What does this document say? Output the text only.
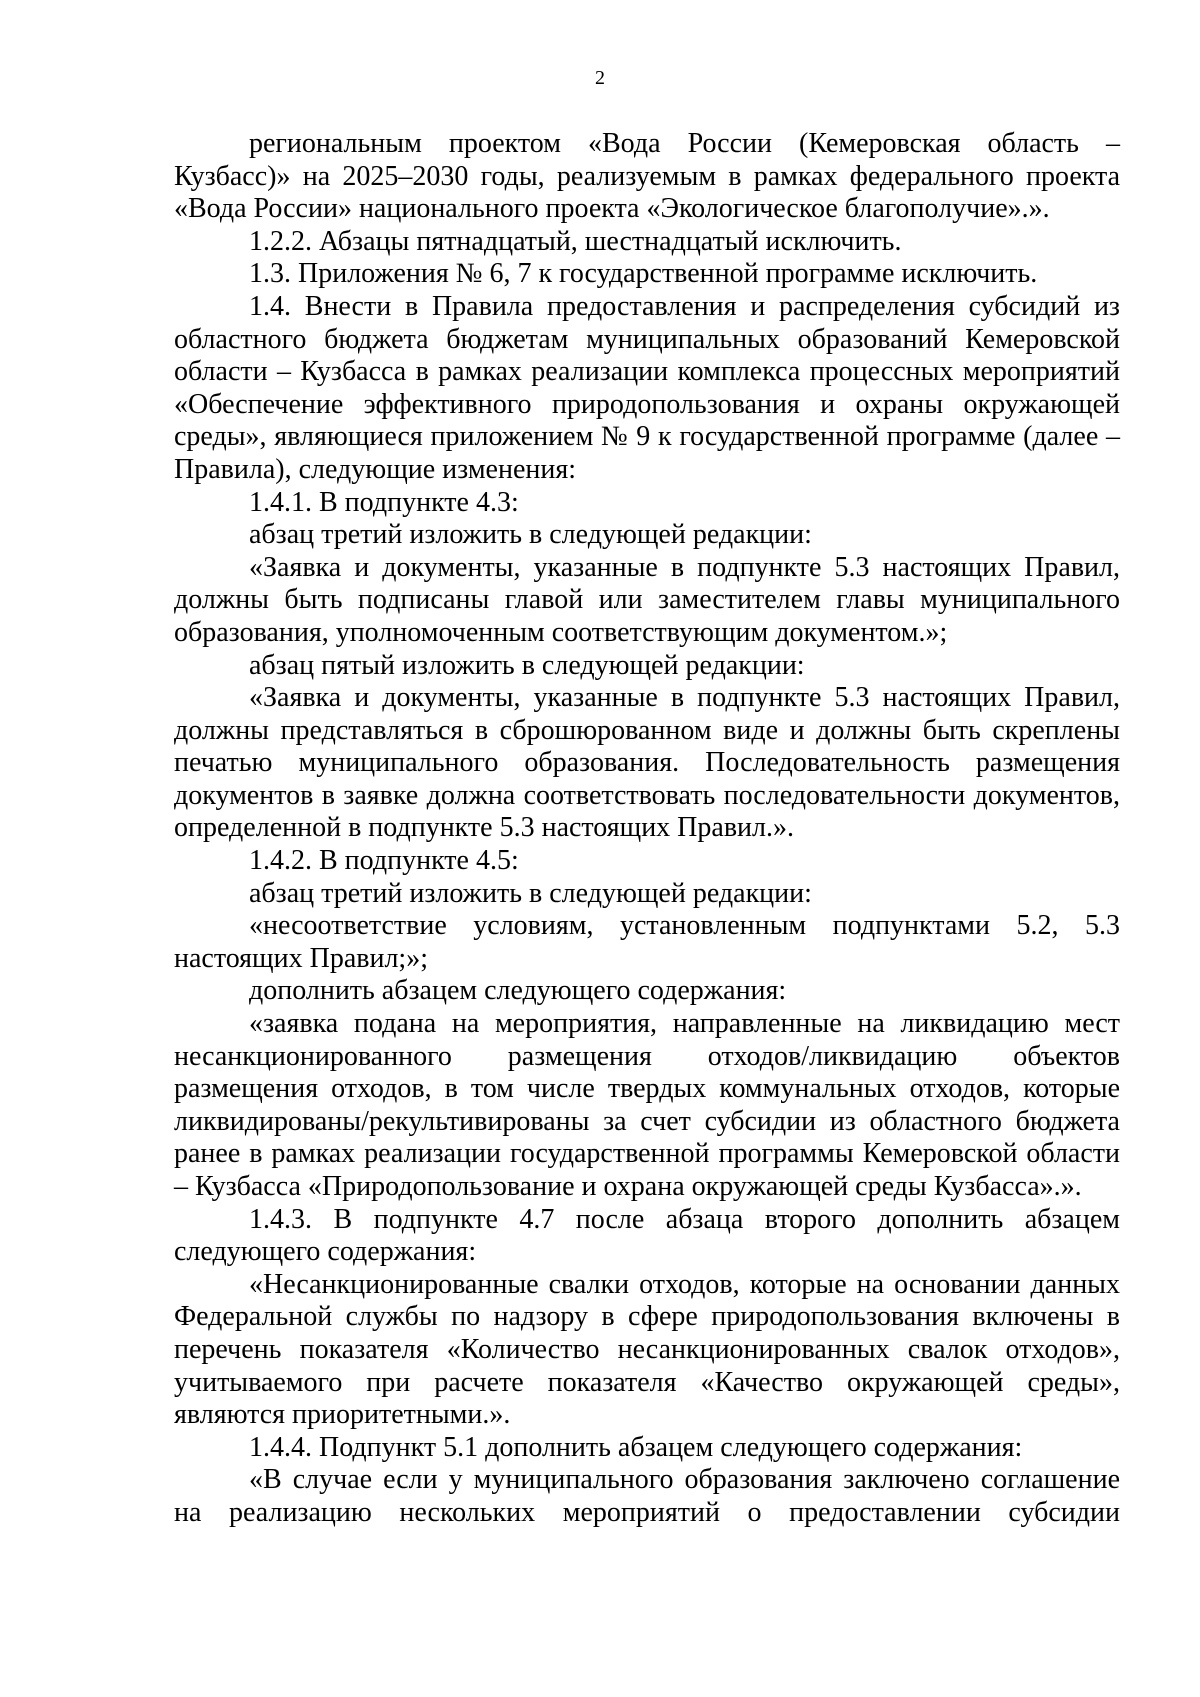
2

региональным проектом «Вода России (Кемеровская область – Кузбасс)» на 2025–2030 годы, реализуемым в рамках федерального проекта «Вода России» национального проекта «Экологическое благополучие».».

1.2.2. Абзацы пятнадцатый, шестнадцатый исключить.

1.3. Приложения № 6, 7 к государственной программе исключить.

1.4. Внести в Правила предоставления и распределения субсидий из областного бюджета бюджетам муниципальных образований Кемеровской области – Кузбасса в рамках реализации комплекса процессных мероприятий «Обеспечение эффективного природопользования и охраны окружающей среды», являющиеся приложением № 9 к государственной программе (далее – Правила), следующие изменения:

1.4.1. В подпункте 4.3:

абзац третий изложить в следующей редакции:

«Заявка и документы, указанные в подпункте 5.3 настоящих Правил, должны быть подписаны главой или заместителем главы муниципального образования, уполномоченным соответствующим документом.»;

абзац пятый изложить в следующей редакции:

«Заявка и документы, указанные в подпункте 5.3 настоящих Правил, должны представляться в сброшюрованном виде и должны быть скреплены печатью муниципального образования. Последовательность размещения документов в заявке должна соответствовать последовательности документов, определенной в подпункте 5.3 настоящих Правил.».

1.4.2. В подпункте 4.5:

абзац третий изложить в следующей редакции:

«несоответствие условиям, установленным подпунктами 5.2, 5.3 настоящих Правил;»;

дополнить абзацем следующего содержания:

«заявка подана на мероприятия, направленные на ликвидацию мест несанкционированного размещения отходов/ликвидацию объектов размещения отходов, в том числе твердых коммунальных отходов, которые ликвидированы/рекультивированы за счет субсидии из областного бюджета ранее в рамках реализации государственной программы Кемеровской области – Кузбасса «Природопользование и охрана окружающей среды Кузбасса».».

1.4.3. В подпункте 4.7 после абзаца второго дополнить абзацем следующего содержания:

«Несанкционированные свалки отходов, которые на основании данных Федеральной службы по надзору в сфере природопользования включены в перечень показателя «Количество несанкционированных свалок отходов», учитываемого при расчете показателя «Качество окружающей среды», являются приоритетными.».

1.4.4. Подпункт 5.1 дополнить абзацем следующего содержания:

«В случае если у муниципального образования заключено соглашение на реализацию нескольких мероприятий о предоставлении субсидии
